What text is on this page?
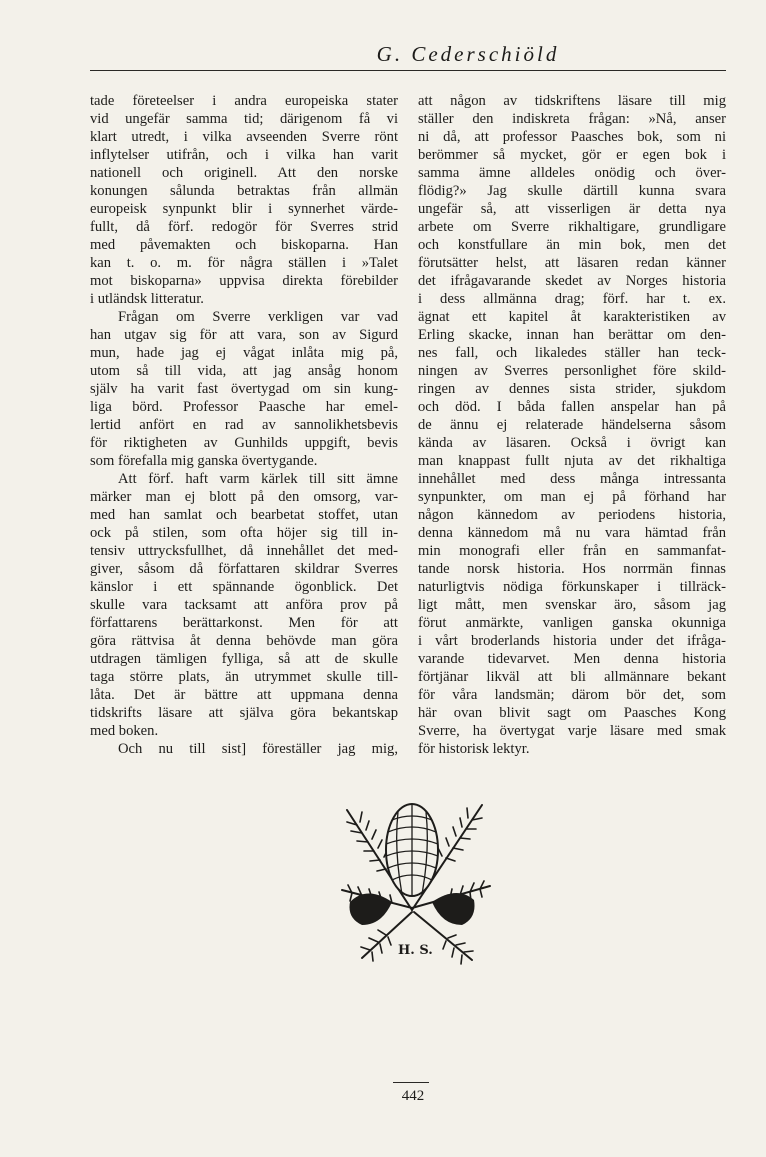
G. Cederschiöld
tade företeelser i andra europeiska stater
vid ungefär samma tid; därigenom få vi
klart utredt, i vilka avseenden Sverre rönt
inflytelser utifrån, och i vilka han varit
nationell och originell. Att den norske
konungen sålunda betraktas från allmän
europeisk synpunkt blir i synnerhet värde-
fullt, då förf. redogör för Sverres strid
med påvemakten och biskoparna. Han
kan t. o. m. för några ställen i »Talet
mot biskoparna» uppvisa direkta förebilder
i utländsk litteratur.
Frågan om Sverre verkligen var vad
han utgav sig för att vara, son av Sigurd
mun, hade jag ej vågat inlåta mig på,
utom så till vida, att jag ansåg honom
själv ha varit fast övertygad om sin kung-
liga börd. Professor Paasche har emel-
lertid anfört en rad av sannolikhetsbevis
för riktigheten av Gunhilds uppgift, bevis
som förefalla mig ganska övertygande.
Att förf. haft varm kärlek till sitt ämne
märker man ej blott på den omsorg, var-
med han samlat och bearbetat stoffet, utan
ock på stilen, som ofta höjer sig till in-
tensiv uttrycksfullhet, då innehållet det med-
giver, såsom då författaren skildrar Sverres
känslor i ett spännande ögonblick. Det
skulle vara tacksamt att anföra prov på
författarens berättarkonst. Men för att
göra rättvisa åt denna behövde man göra
utdragen tämligen fylliga, så att de skulle
taga större plats, än utrymmet skulle till-
låta. Det är bättre att uppmana denna
tidskrifts läsare att själva göra bekantskap
med boken.
Och nu till sist] föreställer jag mig,
att någon av tidskriftens läsare till mig
ställer den indiskreta frågan: »Nå, anser
ni då, att professor Paasches bok, som ni
berömmer så mycket, gör er egen bok i
samma ämne alldeles onödig och över-
flödig?» Jag skulle därtill kunna svara
ungefär så, att visserligen är detta nya
arbete om Sverre rikhaltigare, grundligare
och konstfullare än min bok, men det
förutsätter helst, att läsaren redan känner
det ifrågavarande skedet av Norges historia
i dess allmänna drag; förf. har t. ex.
ägnat ett kapitel åt karakteristiken av
Erling skacke, innan han berättar om den-
nes fall, och likaledes ställer han teck-
ningen av Sverres personlighet före skild-
ringen av dennes sista strider, sjukdom
och död. I båda fallen anspelar han på
de ännu ej relaterade händelserna såsom
kända av läsaren. Också i övrigt kan
man knappast fullt njuta av det rikhaltiga
innehållet med dess många intressanta
synpunkter, om man ej på förhand har
någon kännedom av periodens historia,
denna kännedom må nu vara hämtad från
min monografi eller från en sammanfat-
tande norsk historia. Hos norrmän finnas
naturligtvis nödiga förkunskaper i tillräck-
ligt mått, men svenskar äro, såsom jag
förut anmärkte, vanligen ganska okunniga
i vårt broderlands historia under det ifråga-
varande tidevarvet. Men denna historia
förtjänar likväl att bli allmännare bekant
för våra landsmän; därom bör det, som
här ovan blivit sagt om Paasches Kong
Sverre, ha övertygat varje läsare med smak
för historisk lektyr.
H. S.
442
